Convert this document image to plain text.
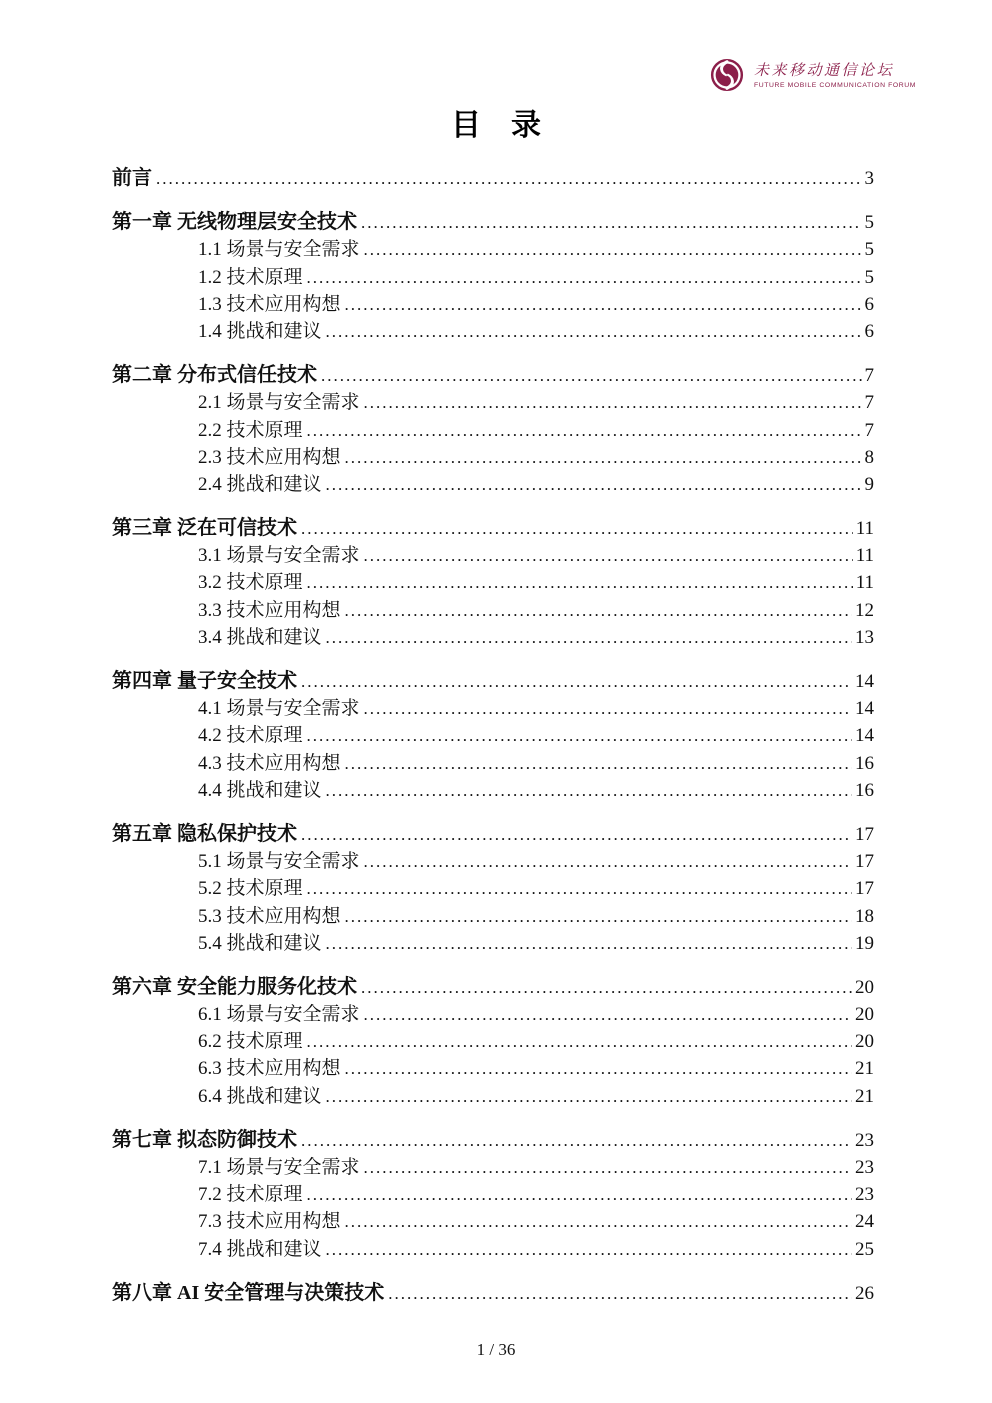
未来移动通信论坛
FUTURE MOBILE COMMUNICATION FORUM
目　录
前言 .....	3
第一章 无线物理层安全技术 .....	5
1.1 场景与安全需求 .....	5
1.2 技术原理 .....	5
1.3 技术应用构想 .....	6
1.4 挑战和建议 .....	6
第二章 分布式信任技术 .....	7
2.1 场景与安全需求 .....	7
2.2 技术原理 .....	7
2.3 技术应用构想 .....	8
2.4 挑战和建议 .....	9
第三章 泛在可信技术 .....	11
3.1 场景与安全需求 .....	11
3.2 技术原理 .....	11
3.3 技术应用构想 .....	12
3.4 挑战和建议 .....	13
第四章 量子安全技术 .....	14
4.1 场景与安全需求 .....	14
4.2 技术原理 .....	14
4.3 技术应用构想 .....	16
4.4 挑战和建议 .....	16
第五章 隐私保护技术 .....	17
5.1 场景与安全需求 .....	17
5.2 技术原理 .....	17
5.3 技术应用构想 .....	18
5.4 挑战和建议 .....	19
第六章 安全能力服务化技术 .....	20
6.1 场景与安全需求 .....	20
6.2 技术原理 .....	20
6.3 技术应用构想 .....	21
6.4 挑战和建议 .....	21
第七章 拟态防御技术 .....	23
7.1 场景与安全需求 .....	23
7.2 技术原理 .....	23
7.3 技术应用构想 .....	24
7.4 挑战和建议 .....	25
第八章 AI 安全管理与决策技术 .....	26
1 / 36
